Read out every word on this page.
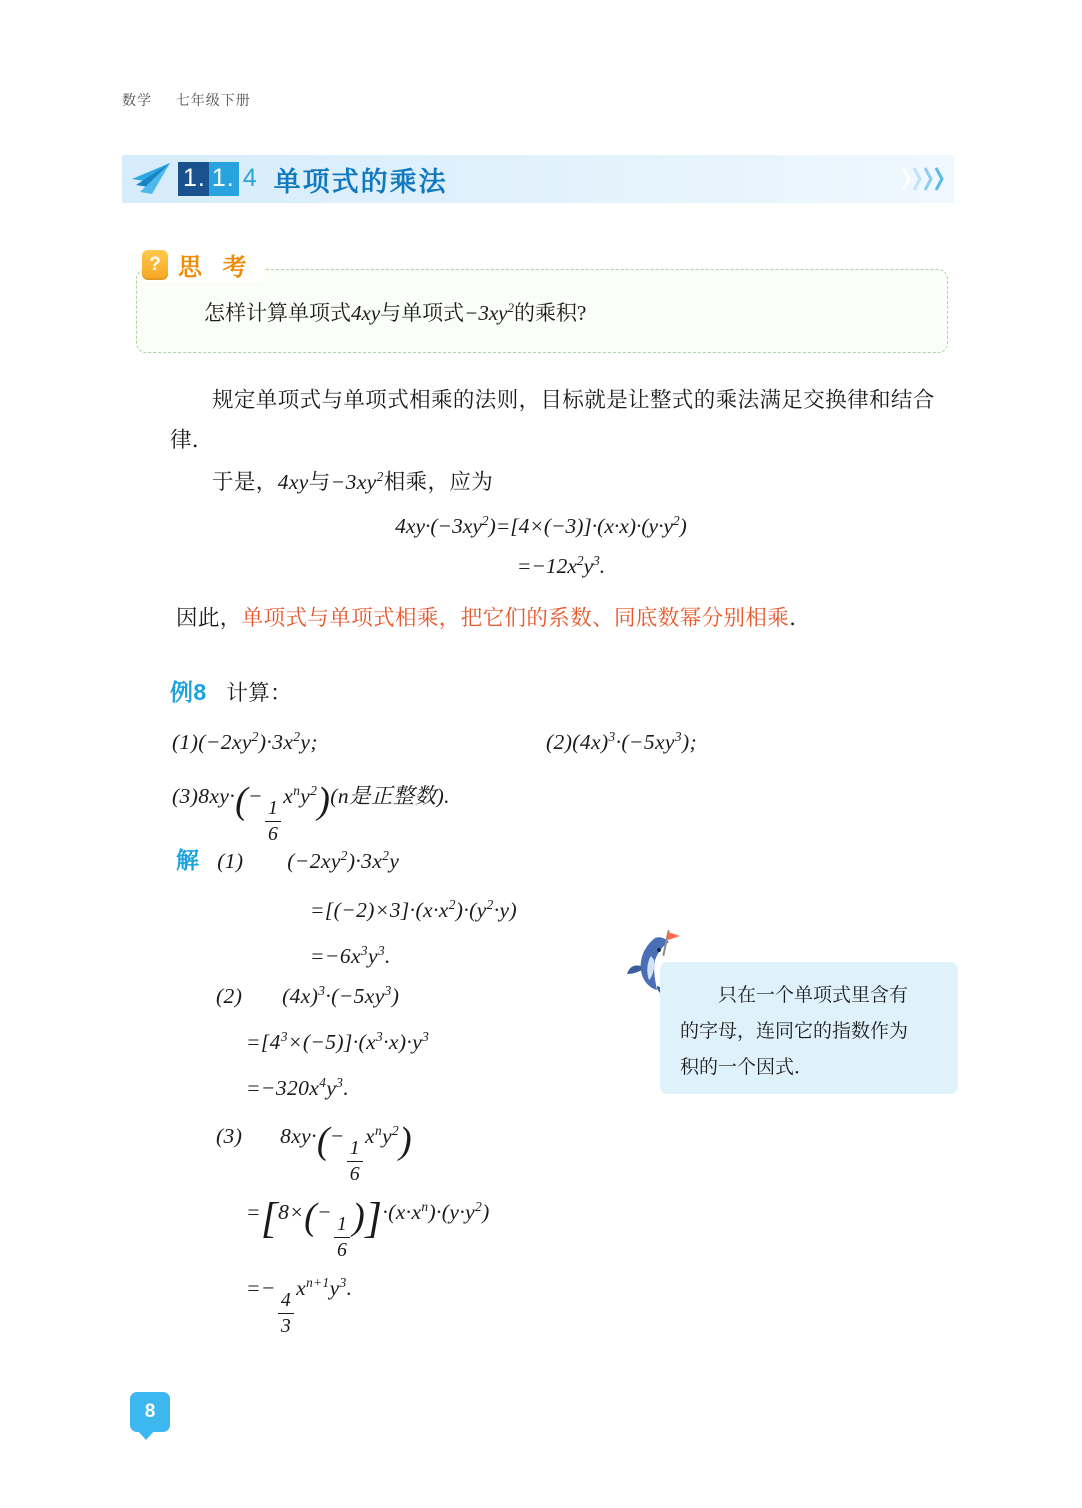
数学 七年级下册
1. 1. 4 单项式的乘法
? 思 考
怎样计算单项式4xy与单项式$-3xy^2$的乘积?
规定单项式与单项式相乘的法则，目标就是让整式的乘法满足交换律和结合律．
于是，4xy与$-3xy^2$相乘，应为
$4xy\cdot(-3xy^2)=[4\times(-3)]\cdot(x\cdot x)\cdot(y\cdot y^2)$
$=-12x^2y^3$.
因此，单项式与单项式相乘，把它们的系数、同底数幂分别相乘．
例8 计算：
$(1)(-2xy^2)\cdot 3x^2y$;	$(2)(4x)^3\cdot(-5xy^3)$;
(3)8xy·(−
$\frac{1}{6}$
$x^ny^2)(n$是正整数).
解 (1) $(-2xy^2)\cdot 3x^2y$
$=[(-2)\times 3]\cdot(x\cdot x^2)\cdot(y^2\cdot y)$
$=-6x^3y^3$.
(2) $(4x)^3\cdot(-5xy^3)$
$=[4^3\times(-5)]\cdot(x^3\cdot x)\cdot y^3$
$=-320x^4y^3$.
(3) 8xy·(−
$\frac{1}{6}$
$x^ny^2$)
=[8×(−
$\frac{1}{6} )]\cdot(x\cdot x^n)\cdot(y\cdot y^2)$
=−
$\frac{4}{3}$
$x^{n+1}y^3$.
只在一个单项式里含有
的字母，连同它的指数作为
积的一个因式．
8
